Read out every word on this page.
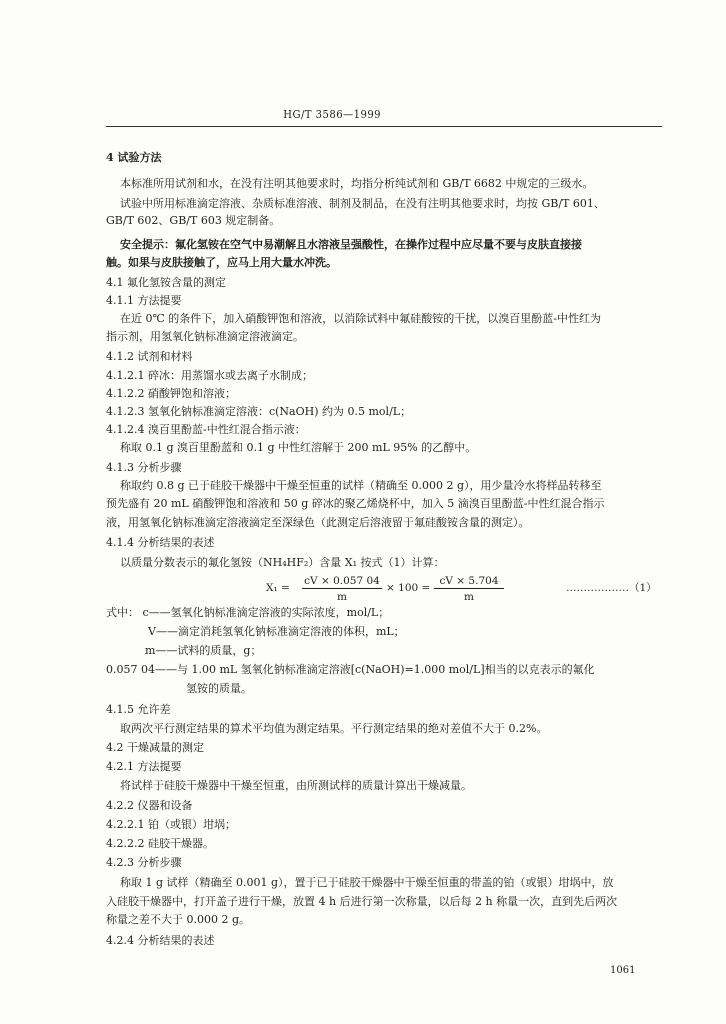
HG/T 3586—1999
4 试验方法
本标准所用试剂和水，在没有注明其他要求时，均指分析纯试剂和 GB/T 6682 中规定的三级水。
试验中所用标准滴定溶液、杂质标准溶液、制剂及制品，在没有注明其他要求时，均按 GB/T 601、
GB/T 602、GB/T 603 规定制备。
安全提示：氟化氢铵在空气中易潮解且水溶液呈强酸性，在操作过程中应尽量不要与皮肤直接接
触。如果与皮肤接触了，应马上用大量水冲洗。
4.1 氟化氢铵含量的测定
4.1.1 方法提要
在近 0℃ 的条件下，加入硝酸钾饱和溶液，以消除试料中氟硅酸铵的干扰，以溴百里酚蓝-中性红为
指示剂，用氢氧化钠标准滴定溶液滴定。
4.1.2 试剂和材料
4.1.2.1 碎冰：用蒸馏水或去离子水制成；
4.1.2.2 硝酸钾饱和溶液；
4.1.2.3 氢氧化钠标准滴定溶液：c(NaOH) 约为 0.5 mol/L；
4.1.2.4 溴百里酚蓝-中性红混合指示液：
称取 0.1 g 溴百里酚蓝和 0.1 g 中性红溶解于 200 mL 95% 的乙醇中。
4.1.3 分析步骤
称取约 0.8 g 已于硅胶干燥器中干燥至恒重的试样（精确至 0.000 2 g），用少量冷水将样品转移至
预先盛有 20 mL 硝酸钾饱和溶液和 50 g 碎冰的聚乙烯烧杯中，加入 5 滴溴百里酚蓝-中性红混合指示
液，用氢氧化钠标准滴定溶液滴定至深绿色（此测定后溶液留于氟硅酸铵含量的测定）。
4.1.4 分析结果的表述
以质量分数表示的氟化氢铵（NH₄HF₂）含量 X₁ 按式（1）计算：
X₁ =
cV × 0.057 04
m
× 100 =
cV × 5.704
m
………………（1）
式中： c——氢氧化钠标准滴定溶液的实际浓度，mol/L；
V——滴定消耗氢氧化钠标准滴定溶液的体积，mL；
m——试料的质量，g；
0.057 04——与 1.00 mL 氢氧化钠标准滴定溶液[c(NaOH)=1.000 mol/L]相当的以克表示的氟化
氢铵的质量。
4.1.5 允许差
取两次平行测定结果的算术平均值为测定结果。平行测定结果的绝对差值不大于 0.2%。
4.2 干燥减量的测定
4.2.1 方法提要
将试样于硅胶干燥器中干燥至恒重，由所测试样的质量计算出干燥减量。
4.2.2 仪器和设备
4.2.2.1 铂（或银）坩埚；
4.2.2.2 硅胶干燥器。
4.2.3 分析步骤
称取 1 g 试样（精确至 0.001 g），置于已于硅胶干燥器中干燥至恒重的带盖的铂（或银）坩埚中，放
入硅胶干燥器中，打开盖子进行干燥，放置 4 h 后进行第一次称量，以后每 2 h 称量一次，直到先后两次
称量之差不大于 0.000 2 g。
4.2.4 分析结果的表述
1061
